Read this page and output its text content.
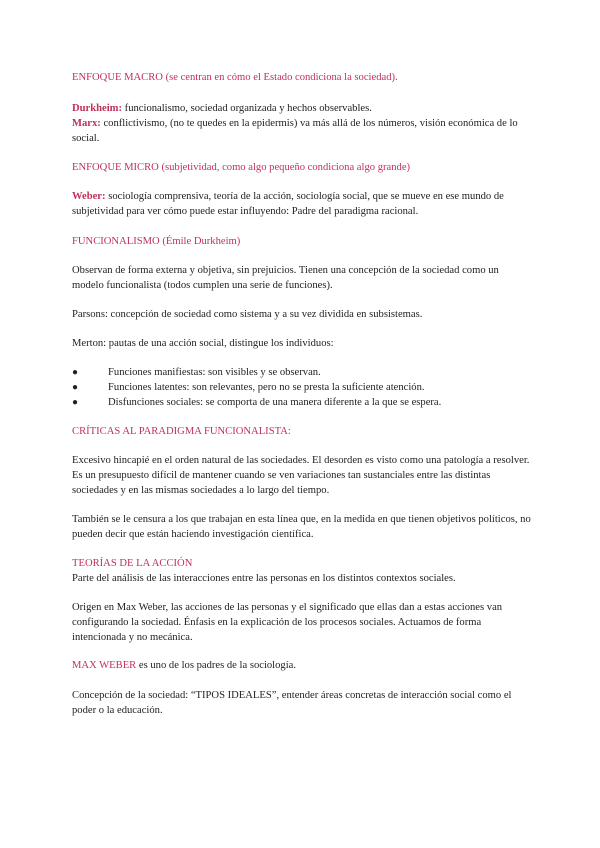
ENFOQUE MACRO (se centran en cómo el Estado condiciona la sociedad).

Durkheim: funcionalismo, sociedad organizada y hechos observables.

Marx: conflictivismo, (no te quedes en la epidermis) va más allá de los números, visión económica de lo social.

ENFOQUE MICRO (subjetividad, como algo pequeño condiciona algo grande)

Weber: sociología comprensiva, teoría de la acción, sociología social, que se mueve en ese mundo de subjetividad para ver cómo puede estar influyendo: Padre del paradigma racional.

FUNCIONALISMO (Émile Durkheim)

Observan de forma externa y objetiva, sin prejuicios. Tienen una concepción de la sociedad como un modelo funcionalista (todos cumplen una serie de funciones).

Parsons: concepción de sociedad como sistema y a su vez dividida en subsistemas.

Merton: pautas de una acción social, distingue los individuos:

●	Funciones manifiestas: son visibles y se observan.
●	Funciones latentes: son relevantes, pero no se presta la suficiente atención.
●	Disfunciones sociales: se comporta de una manera diferente a la que se espera.

CRÍTICAS AL PARADIGMA FUNCIONALISTA:

Excesivo hincapié en el orden natural de las sociedades. El desorden es visto como una patología a resolver. Es un presupuesto difícil de mantener cuando se ven variaciones tan sustanciales entre las distintas sociedades y en las mismas sociedades a lo largo del tiempo.

También se le censura a los que trabajan en esta línea que, en la medida en que tienen objetivos políticos, no pueden decir que están haciendo investigación científica.

TEORÍAS DE LA ACCIÓN

Parte del análisis de las interacciones entre las personas en los distintos contextos sociales.

Origen en Max Weber, las acciones de las personas y el significado que ellas dan a estas acciones van configurando la sociedad. Énfasis en la explicación de los procesos sociales. Actuamos de forma intencionada y no mecánica.

MAX WEBER es uno de los padres de la sociología.

Concepción de la sociedad: “TIPOS IDEALES”, entender áreas concretas de interacción social como el poder o la educación.
